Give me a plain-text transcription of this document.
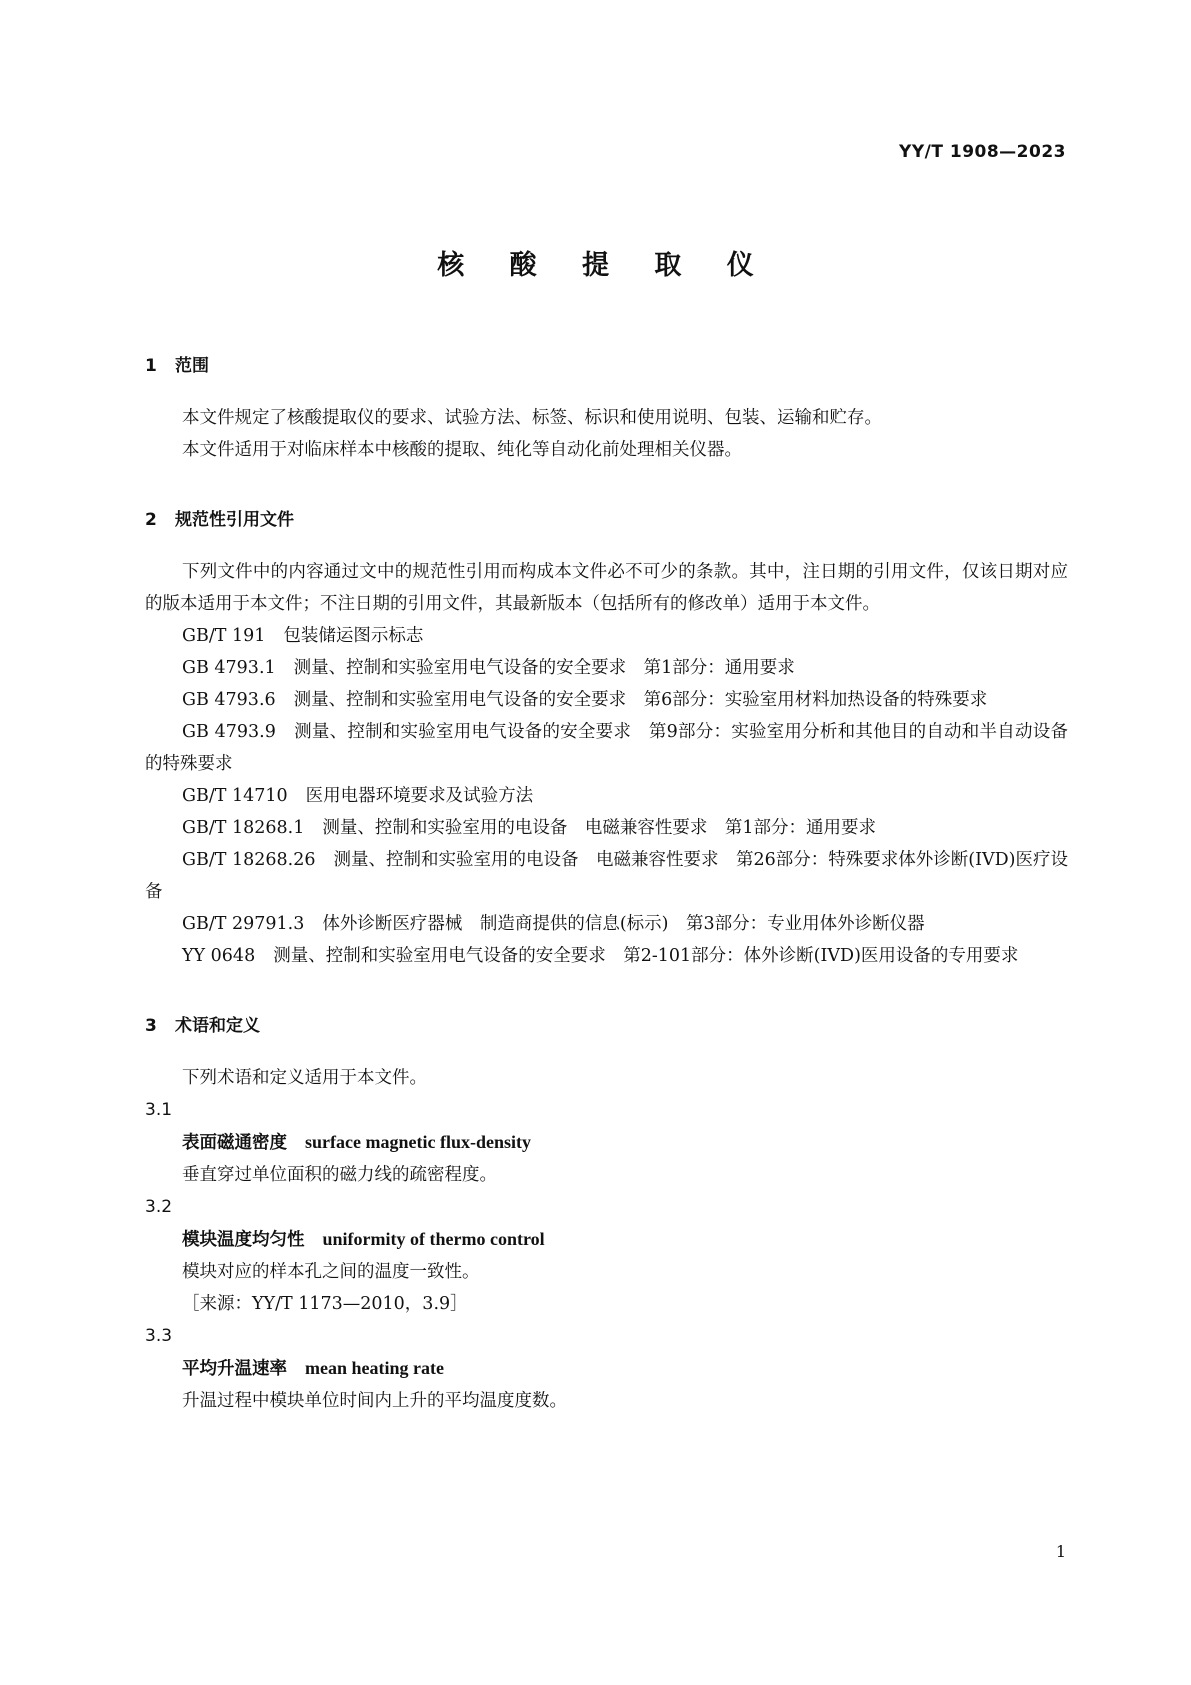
YY/T 1908—2023
核 酸 提 取 仪

1 范围

本文件规定了核酸提取仪的要求、试验方法、标签、标识和使用说明、包装、运输和贮存。

本文件适用于对临床样本中核酸的提取、纯化等自动化前处理相关仪器。

2 规范性引用文件

下列文件中的内容通过文中的规范性引用而构成本文件必不可少的条款。其中，注日期的引用文件，仅该日期对应的版本适用于本文件；不注日期的引用文件，其最新版本（包括所有的修改单）适用于本文件。

GB/T 191 包装储运图示标志

GB 4793.1 测量、控制和实验室用电气设备的安全要求　第1部分：通用要求

GB 4793.6 测量、控制和实验室用电气设备的安全要求　第6部分：实验室用材料加热设备的特殊要求

GB 4793.9 测量、控制和实验室用电气设备的安全要求　第9部分：实验室用分析和其他目的自动和半自动设备的特殊要求

GB/T 14710 医用电器环境要求及试验方法

GB/T 18268.1 测量、控制和实验室用的电设备　电磁兼容性要求　第1部分：通用要求

GB/T 18268.26 测量、控制和实验室用的电设备　电磁兼容性要求　第26部分：特殊要求体外诊断(IVD)医疗设备

GB/T 29791.3 体外诊断医疗器械　制造商提供的信息(标示)　第3部分：专业用体外诊断仪器

YY 0648 测量、控制和实验室用电气设备的安全要求　第2-101部分：体外诊断(IVD)医用设备的专用要求

3 术语和定义

下列术语和定义适用于本文件。

3.1

表面磁通密度 surface magnetic flux-density

垂直穿过单位面积的磁力线的疏密程度。

3.2

模块温度均匀性 uniformity of thermo control

模块对应的样本孔之间的温度一致性。

［来源：YY/T 1173—2010，3.9］

3.3

平均升温速率 mean heating rate

升温过程中模块单位时间内上升的平均温度度数。

1
